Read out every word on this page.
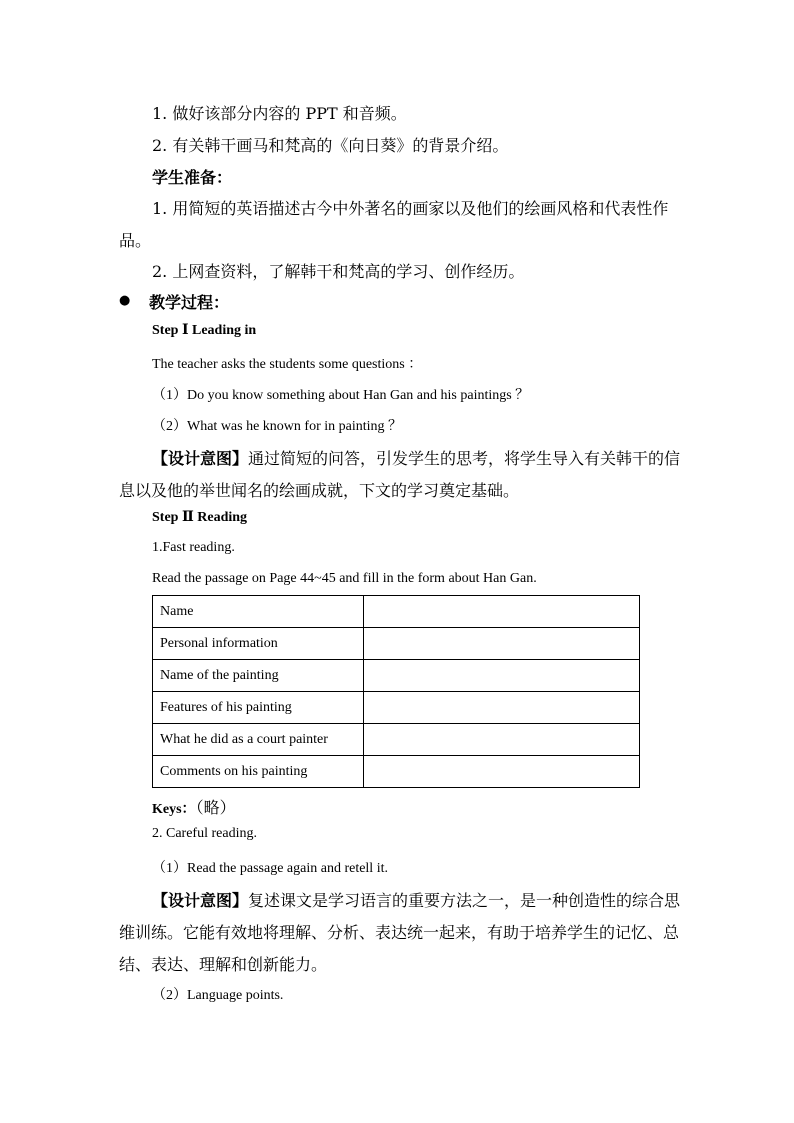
1. 做好该部分内容的 PPT 和音频。
2. 有关韩干画马和梵高的《向日葵》的背景介绍。
学生准备：
1. 用简短的英语描述古今中外著名的画家以及他们的绘画风格和代表性作
品。
2. 上网查资料，了解韩干和梵高的学习、创作经历。
● 教学过程：
Step Ⅰ Leading in
The teacher asks the students some questions ：
（1）Do you know something about Han Gan and his paintings ？
（2）What was he known for in painting ？
【设计意图】通过简短的问答，引发学生的思考，将学生导入有关韩干的信
息以及他的举世闻名的绘画成就，下文的学习奠定基础。
Step Ⅱ Reading
1.Fast reading.
Read the passage on Page 44~45 and fill in the form about Han Gan.
Name	
Personal information	
Name of the painting	
Features of his painting	
What he did as a court painter	
Comments on his painting	
Keys：（略）
2. Careful reading.
（1）Read the passage again and retell it.
【设计意图】复述课文是学习语言的重要方法之一，是一种创造性的综合思
维训练。它能有效地将理解、分析、表达统一起来，有助于培养学生的记忆、总
结、表达、理解和创新能力。
（2）Language points.
